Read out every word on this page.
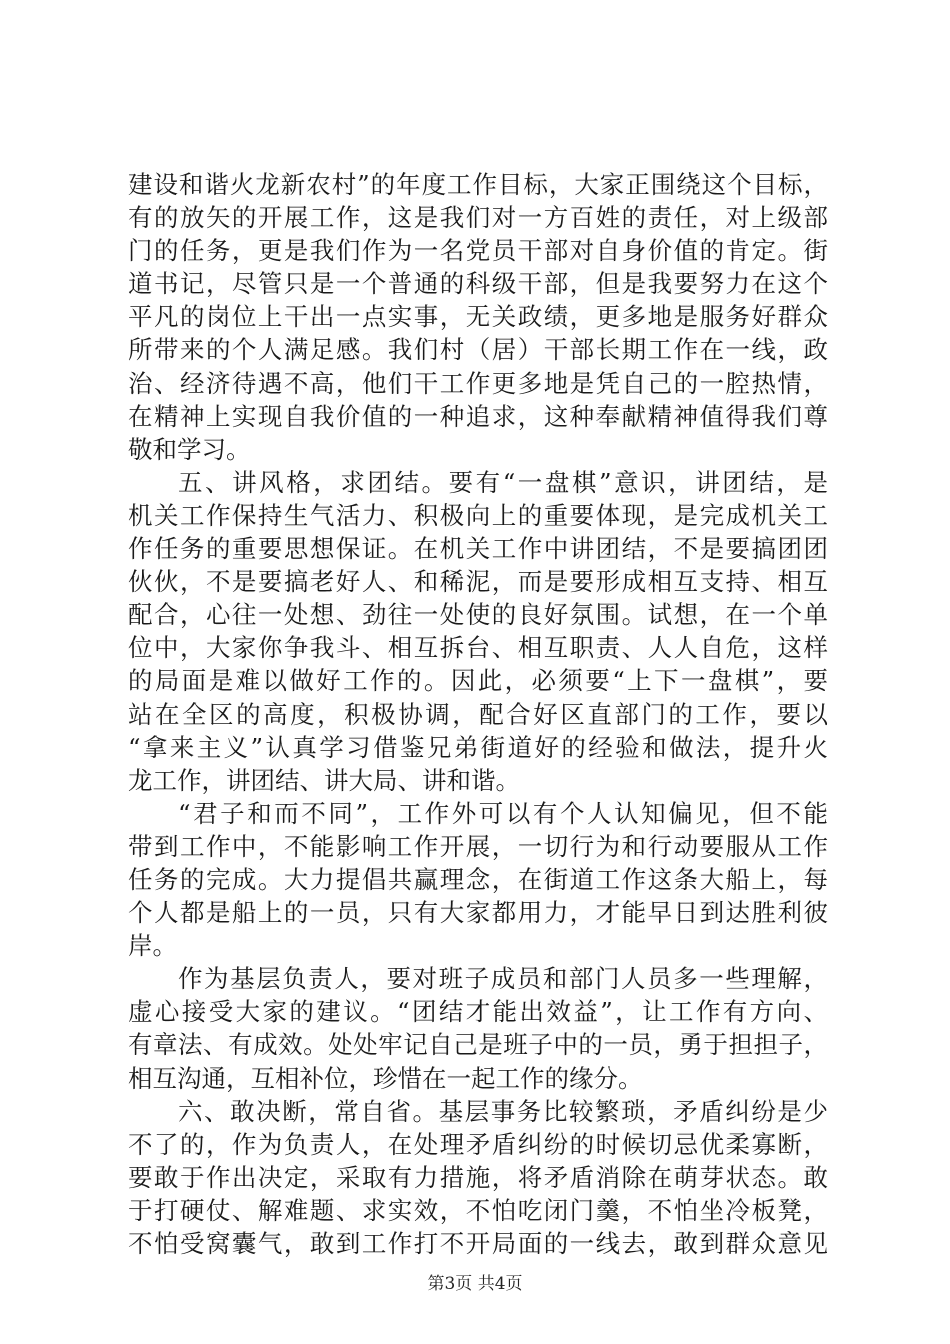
建设和谐火龙新农村”的年度工作目标，大家正围绕这个目标，
有的放矢的开展工作，这是我们对一方百姓的责任，对上级部
门的任务，更是我们作为一名党员干部对自身价值的肯定。街
道书记，尽管只是一个普通的科级干部，但是我要努力在这个
平凡的岗位上干出一点实事，无关政绩，更多地是服务好群众
所带来的个人满足感。我们村（居）干部长期工作在一线，政
治、经济待遇不高，他们干工作更多地是凭自己的一腔热情，
在精神上实现自我价值的一种追求，这种奉献精神值得我们尊
敬和学习。
五、讲风格，求团结。要有“一盘棋”意识，讲团结，是
机关工作保持生气活力、积极向上的重要体现，是完成机关工
作任务的重要思想保证。在机关工作中讲团结，不是要搞团团
伙伙，不是要搞老好人、和稀泥，而是要形成相互支持、相互
配合，心往一处想、劲往一处使的良好氛围。试想，在一个单
位中，大家你争我斗、相互拆台、相互职责、人人自危，这样
的局面是难以做好工作的。因此，必须要“上下一盘棋”，要
站在全区的高度，积极协调，配合好区直部门的工作，要以
“拿来主义”认真学习借鉴兄弟街道好的经验和做法，提升火
龙工作，讲团结、讲大局、讲和谐。
“君子和而不同”，工作外可以有个人认知偏见，但不能
带到工作中，不能影响工作开展，一切行为和行动要服从工作
任务的完成。大力提倡共赢理念，在街道工作这条大船上，每
个人都是船上的一员，只有大家都用力，才能早日到达胜利彼
岸。
作为基层负责人，要对班子成员和部门人员多一些理解，
虚心接受大家的建议。“团结才能出效益”，让工作有方向、
有章法、有成效。处处牢记自己是班子中的一员，勇于担担子，
相互沟通，互相补位，珍惜在一起工作的缘分。
六、敢决断，常自省。基层事务比较繁琐，矛盾纠纷是少
不了的，作为负责人，在处理矛盾纠纷的时候切忌优柔寡断，
要敢于作出决定，采取有力措施，将矛盾消除在萌芽状态。敢
于打硬仗、解难题、求实效，不怕吃闭门羹，不怕坐冷板凳，
不怕受窝囊气，敢到工作打不开局面的一线去，敢到群众意见
第3页 共4页
